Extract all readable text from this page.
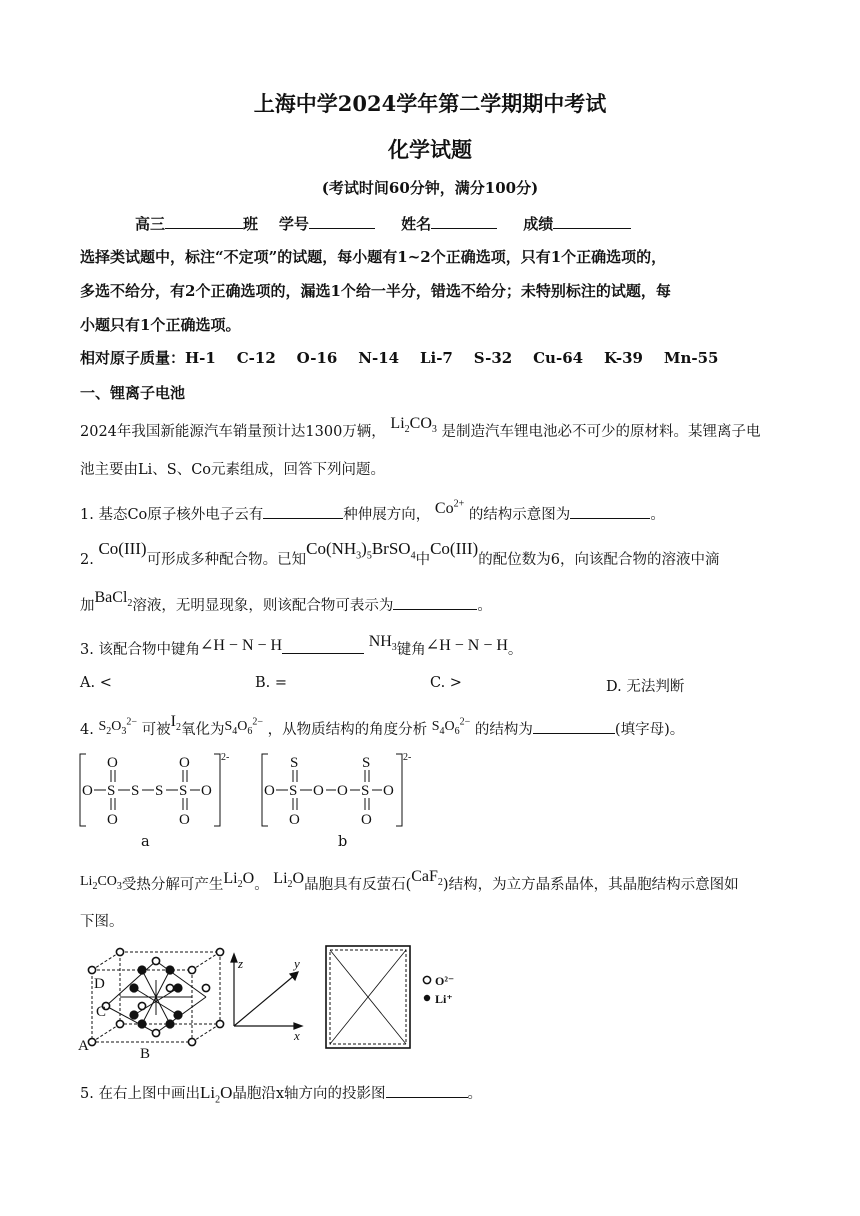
上海中学2024学年第二学期期中考试
化学试题
(考试时间60分钟，满分100分)
高三	班 学号	姓名	成绩
选择类试题中，标注“不定项”的试题，每小题有1~2个正确选项，只有1个正确选项的，
多选不给分，有2个正确选项的，漏选1个给一半分，错选不给分；未特别标注的试题，每
小题只有1个正确选项。
相对原子质量：H-1    C-12    O-16    N-14    Li-7    S-32    Cu-64    K-39    Mn-55
一、锂离子电池
2024年我国新能源汽车销量预计达1300万辆， $Li_2CO_3$ 是制造汽车锂电池必不可少的原材料。某锂离子电
池主要由Li、S、Co元素组成，回答下列问题。
1. 基态Co原子核外电子云有	种伸展方向， $Co^{2+}$ 的结构示意图为	。
2. Co(III)可形成多种配合物。已知$Co(NH_3)_5BrSO_4$中Co(III)的配位数为6，向该配合物的溶液中滴
加BaCl$_2$溶液，无明显现象，则该配合物可表示为	。
3. 该配合物中键角∠H − N − H	$NH_3$键角∠H − N − H。
A. <	B. =	C. >	D. 无法判断
4. $S_2O_3^{2-}$ 可被$I_2$氧化为$S_4O_6^{2-}$ ，从物质结构的角度分析 $S_4O_6^{2-}$ 的结构为	(填字母)。
2-
O S S S S O
O
O
O
O
2-
O S O O S O
S
O
S
O
a	b
$Li_2CO_3$受热分解可产生$Li_2O$。 $Li_2O$晶胞具有反萤石(CaF$_2$)结构，为立方晶系晶体，其晶胞结构示意图如
下图。
A	B
C
D
z	y
x
O²⁻
Li⁺
5. 在右上图中画出$Li_2O$晶胞沿x轴方向的投影图	。
